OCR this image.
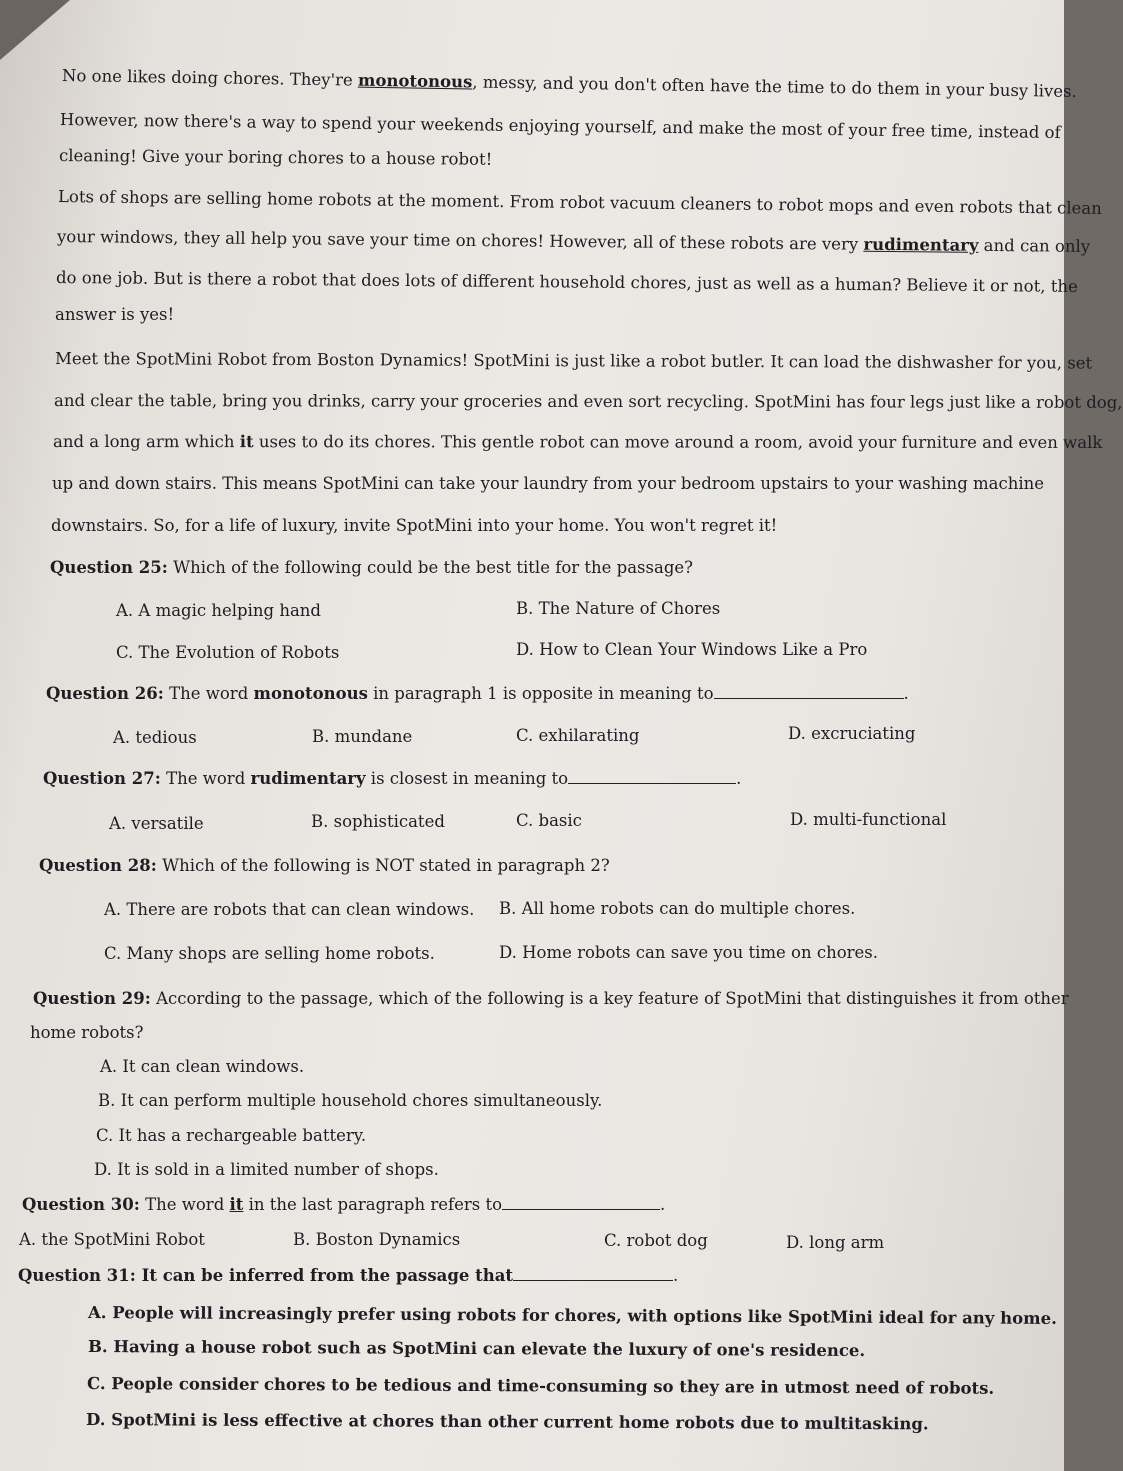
No one likes doing chores. They're monotonous, messy, and you don't often have the time to do them in your busy lives.
However, now there's a way to spend your weekends enjoying yourself, and make the most of your free time, instead of
cleaning! Give your boring chores to a house robot!
Lots of shops are selling home robots at the moment. From robot vacuum cleaners to robot mops and even robots that clean
your windows, they all help you save your time on chores! However, all of these robots are very rudimentary and can only
do one job. But is there a robot that does lots of different household chores, just as well as a human? Believe it or not, the
answer is yes!
Meet the SpotMini Robot from Boston Dynamics! SpotMini is just like a robot butler. It can load the dishwasher for you, set
and clear the table, bring you drinks, carry your groceries and even sort recycling. SpotMini has four legs just like a robot dog,
and a long arm which it uses to do its chores. This gentle robot can move around a room, avoid your furniture and even walk
up and down stairs. This means SpotMini can take your laundry from your bedroom upstairs to your washing machine
downstairs. So, for a life of luxury, invite SpotMini into your home. You won't regret it!
Question 25: Which of the following could be the best title for the passage?
A. A magic helping hand	B. The Nature of Chores
C. The Evolution of Robots	D. How to Clean Your Windows Like a Pro
Question 26: The word monotonous in paragraph 1 is opposite in meaning to	.
A. tedious	B. mundane	C. exhilarating	D. excruciating
Question 27: The word rudimentary is closest in meaning to	.
A. versatile	B. sophisticated	C. basic	D. multi-functional
Question 28: Which of the following is NOT stated in paragraph 2?
A. There are robots that can clean windows. B. All home robots can do multiple chores.
C. Many shops are selling home robots.	D. Home robots can save you time on chores.
Question 29: According to the passage, which of the following is a key feature of SpotMini that distinguishes it from other
home robots?
A. It can clean windows.
B. It can perform multiple household chores simultaneously.
C. It has a rechargeable battery.
D. It is sold in a limited number of shops.
Question 30: The word it in the last paragraph refers to	.
A. the SpotMini Robot	B. Boston Dynamics	C. robot dog	D. long arm
Question 31: It can be inferred from the passage that	.
A. People will increasingly prefer using robots for chores, with options like SpotMini ideal for any home.
B. Having a house robot such as SpotMini can elevate the luxury of one's residence.
C. People consider chores to be tedious and time-consuming so they are in utmost need of robots.
D. SpotMini is less effective at chores than other current home robots due to multitasking.
